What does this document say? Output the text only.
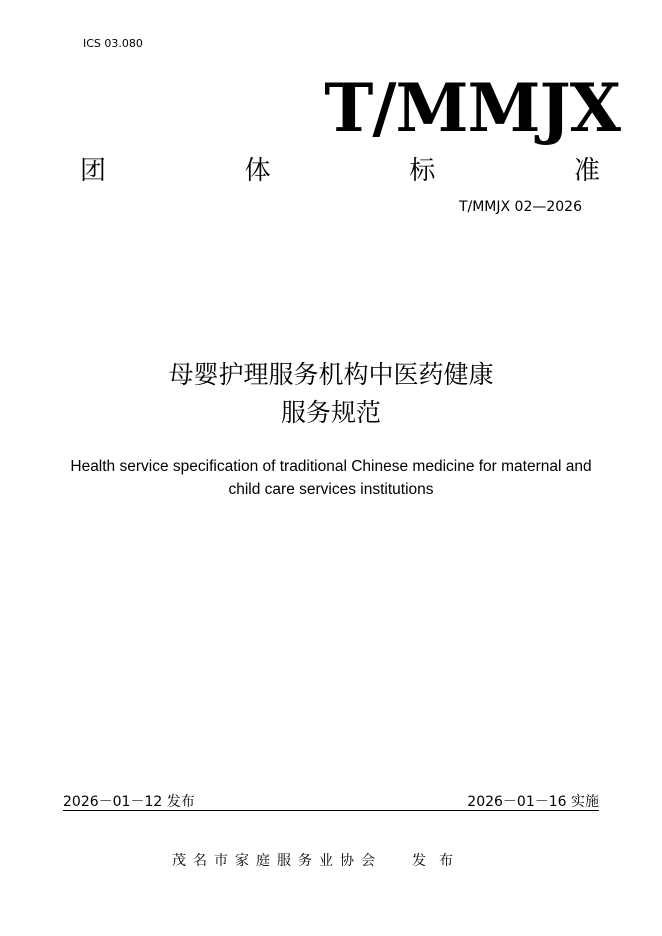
ICS 03.080
T/MMJX
团	体	标	准
T/MMJX 02—2026
母婴护理服务机构中医药健康
服务规范
Health service specification of traditional Chinese medicine for maternal and
child care services institutions
2026－01－12 发布	2026－01－16 实施
茂名市家庭服务业协会 发布
